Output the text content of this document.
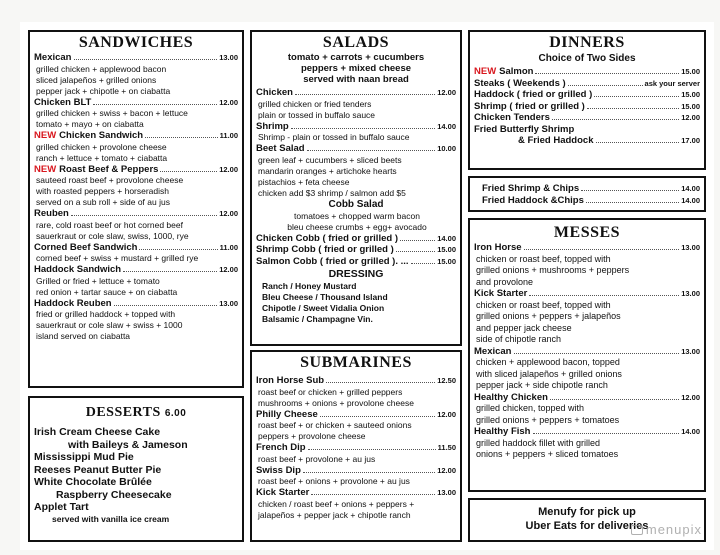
SANDWICHES
Mexican	13.00
grilled chicken + applewood bacon
sliced jalapeños + grilled onions
pepper jack + chipotle + on ciabatta
Chicken BLT	12.00
grilled chicken + swiss + bacon + lettuce
tomato + mayo + on ciabatta
NEW Chicken Sandwich	11.00
grilled chicken + provolone cheese
ranch + lettuce + tomato + ciabatta
NEW Roast Beef & Peppers	12.00
sauteed roast beef + provolone cheese
with roasted peppers + horseradish
served on a sub roll + side of au jus
Reuben	12.00
rare, cold roast beef or hot corned beef
sauerkraut or cole slaw, swiss, 1000, rye
Corned Beef Sandwich	11.00
corned beef + swiss + mustard + grilled rye
Haddock Sandwich	12.00
Grilled or fried + lettuce + tomato
red onion + tartar sauce + on ciabatta
Haddock Reuben	13.00
fried or grilled haddock + topped with
sauerkraut or cole slaw + swiss + 1000
island served on ciabatta
DESSERTS 6.00
Irish Cream Cheese Cake
with Baileys & Jameson
Mississippi Mud Pie
Reeses Peanut Butter Pie
White Chocolate Brûlée
Raspberry Cheesecake
Applet Tart
served with vanilla ice cream
SALADS
tomato + carrots + cucumbers
peppers + mixed cheese
served with naan bread
Chicken	12.00
grilled chicken or fried tenders
plain or tossed in buffalo sauce
Shrimp	14.00
Shrimp - plain or tossed in buffalo sauce
Beet Salad	10.00
green leaf + cucumbers + sliced beets
mandarin oranges + artichoke hearts
pistachios + feta cheese
chicken add $3 shrimp / salmon add $5
Cobb Salad
tomatoes + chopped warm bacon
bleu cheese crumbs + egg+ avocado
Chicken Cobb ( fried or grilled )	14.00
Shrimp Cobb ( fried or grilled )	15.00
Salmon Cobb ( fried or grilled ). ...	15.00
DRESSING
Ranch / Honey Mustard
Bleu Cheese / Thousand Island
Chipotle / Sweet Vidalia Onion
Balsamic / Champagne Vin.
SUBMARINES
Iron Horse Sub	12.50
roast beef or chicken + grilled peppers
mushrooms + onions + provolone cheese
Philly Cheese	12.00
roast beef + or chicken + sauteed onions
peppers + provolone cheese
French Dip	11.50
roast beef + provolone + au jus
Swiss Dip	12.00
roast beef + onions + provolone + au jus
Kick Starter	13.00
chicken / roast beef + onions + peppers +
jalapeños + pepper jack + chipotle ranch
DINNERS
Choice of Two Sides
NEW Salmon	15.00
Steaks ( Weekends )	ask your server
Haddock ( fried or grilled )	15.00
Shrimp ( fried or grilled )	15.00
Chicken Tenders	12.00
Fried Butterfly Shrimp
& Fried Haddock	17.00
Fried Shrimp & Chips	14.00
Fried Haddock &Chips	14.00
MESSES
Iron Horse	13.00
chicken or roast beef, topped with
grilled onions + mushrooms + peppers
and provolone
Kick Starter	13.00
chicken or roast beef, topped with
grilled onions + peppers + jalapeños
and pepper jack cheese
side of chipotle ranch
Mexican	13.00
chicken + applewood bacon, topped
with sliced jalapeños + grilled onions
pepper jack + side chipotle ranch
Healthy Chicken	12.00
grilled chicken, topped with
grilled onions + peppers + tomatoes
Healthy Fish	14.00
grilled haddock fillet with grilled
onions + peppers + sliced tomatoes
Menufy for pick up
Uber Eats for deliveries
menupix
